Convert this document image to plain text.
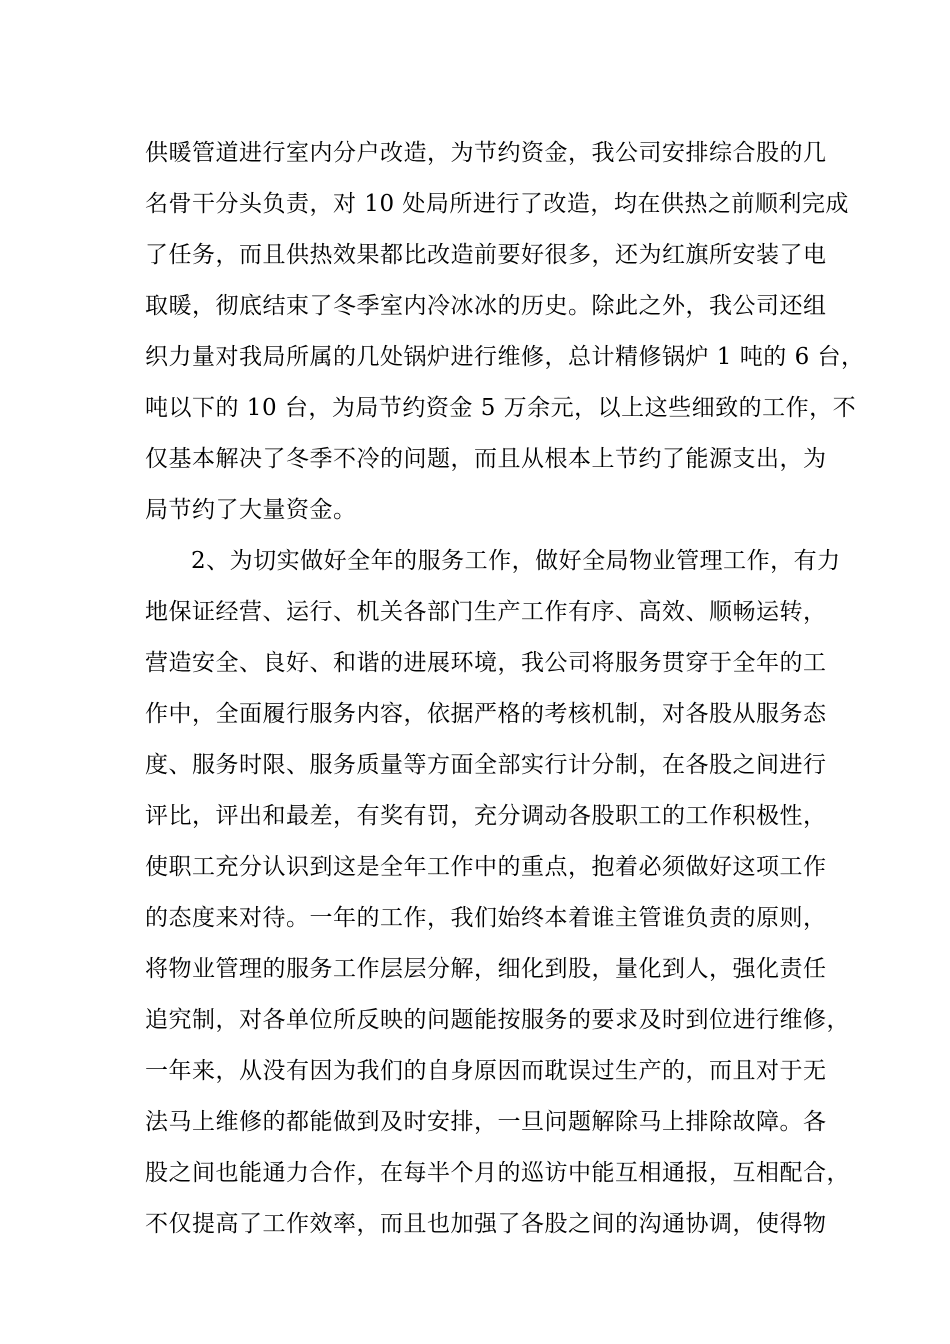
供暖管道进行室内分户改造，为节约资金，我公司安排综合股的几
名骨干分头负责，对 10 处局所进行了改造，均在供热之前顺利完成
了任务，而且供热效果都比改造前要好很多，还为红旗所安装了电
取暖，彻底结束了冬季室内冷冰冰的历史。除此之外，我公司还组
织力量对我局所属的几处锅炉进行维修，总计精修锅炉 1 吨的 6 台，
吨以下的 10 台，为局节约资金 5 万余元，以上这些细致的工作，不
仅基本解决了冬季不冷的问题，而且从根本上节约了能源支出，为
局节约了大量资金。
2、为切实做好全年的服务工作，做好全局物业管理工作，有力
地保证经营、运行、机关各部门生产工作有序、高效、顺畅运转，
营造安全、良好、和谐的进展环境，我公司将服务贯穿于全年的工
作中，全面履行服务内容，依据严格的考核机制，对各股从服务态
度、服务时限、服务质量等方面全部实行计分制，在各股之间进行
评比，评出和最差，有奖有罚，充分调动各股职工的工作积极性，
使职工充分认识到这是全年工作中的重点，抱着必须做好这项工作
的态度来对待。一年的工作，我们始终本着谁主管谁负责的原则，
将物业管理的服务工作层层分解，细化到股，量化到人，强化责任
追究制，对各单位所反映的问题能按服务的要求及时到位进行维修，
一年来，从没有因为我们的自身原因而耽误过生产的，而且对于无
法马上维修的都能做到及时安排，一旦问题解除马上排除故障。各
股之间也能通力合作，在每半个月的巡访中能互相通报，互相配合，
不仅提高了工作效率，而且也加强了各股之间的沟通协调，使得物
